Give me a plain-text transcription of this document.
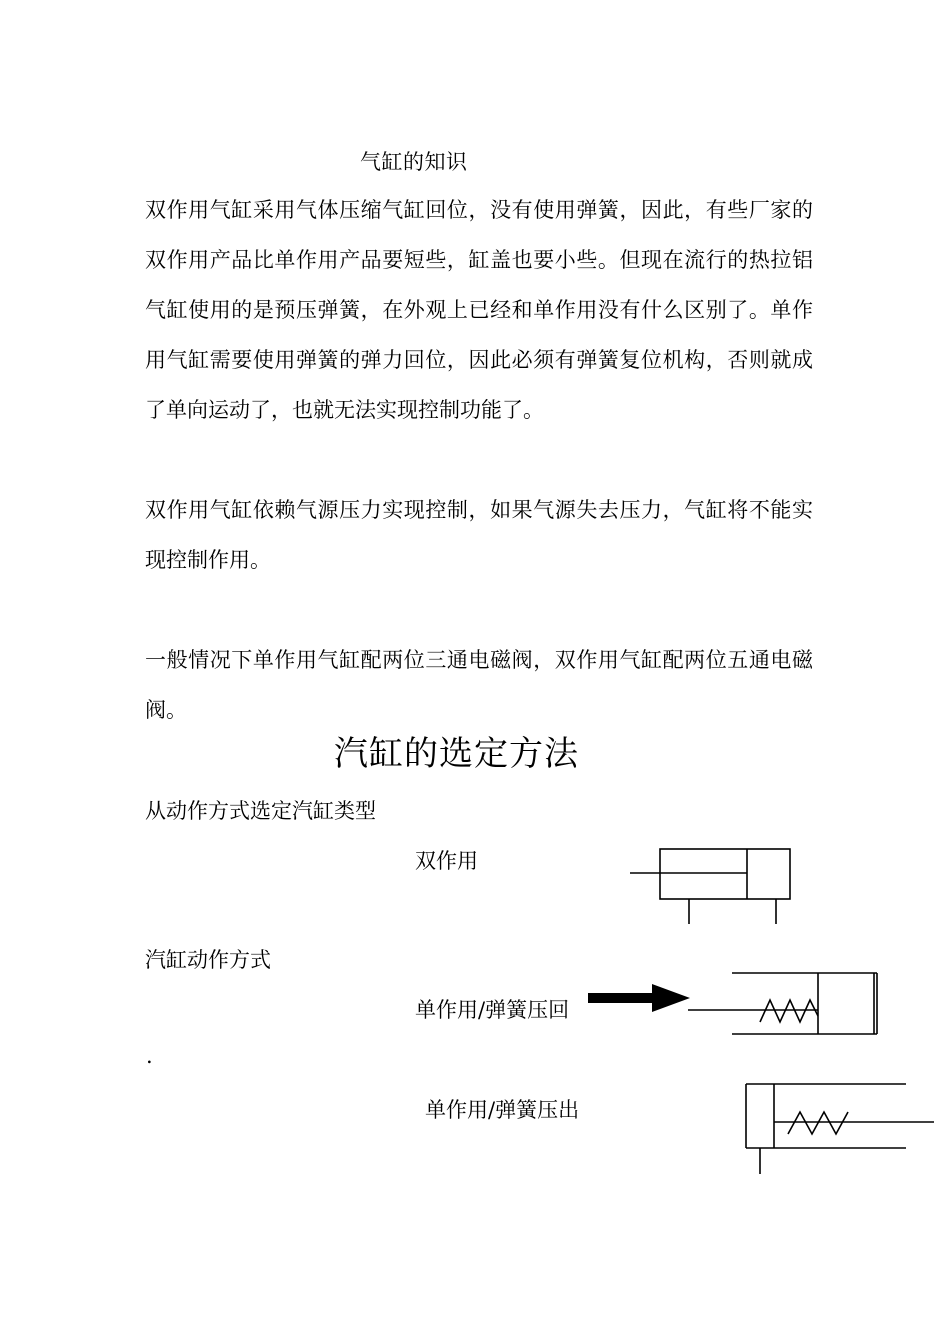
气缸的知识
双作用气缸采用气体压缩气缸回位，没有使用弹簧，因此，有些厂家的双作用产品比单作用产品要短些，缸盖也要小些。但现在流行的热拉铝气缸使用的是预压弹簧，在外观上已经和单作用没有什么区别了。单作用气缸需要使用弹簧的弹力回位，因此必须有弹簧复位机构，否则就成了单向运动了，也就无法实现控制功能了。
双作用气缸依赖气源压力实现控制，如果气源失去压力，气缸将不能实现控制作用。
一般情况下单作用气缸配两位三通电磁阀，双作用气缸配两位五通电磁阀。
汽缸的选定方法
从动作方式选定汽缸类型
双作用
汽缸动作方式
单作用/弹簧压回
.
单作用/弹簧压出
